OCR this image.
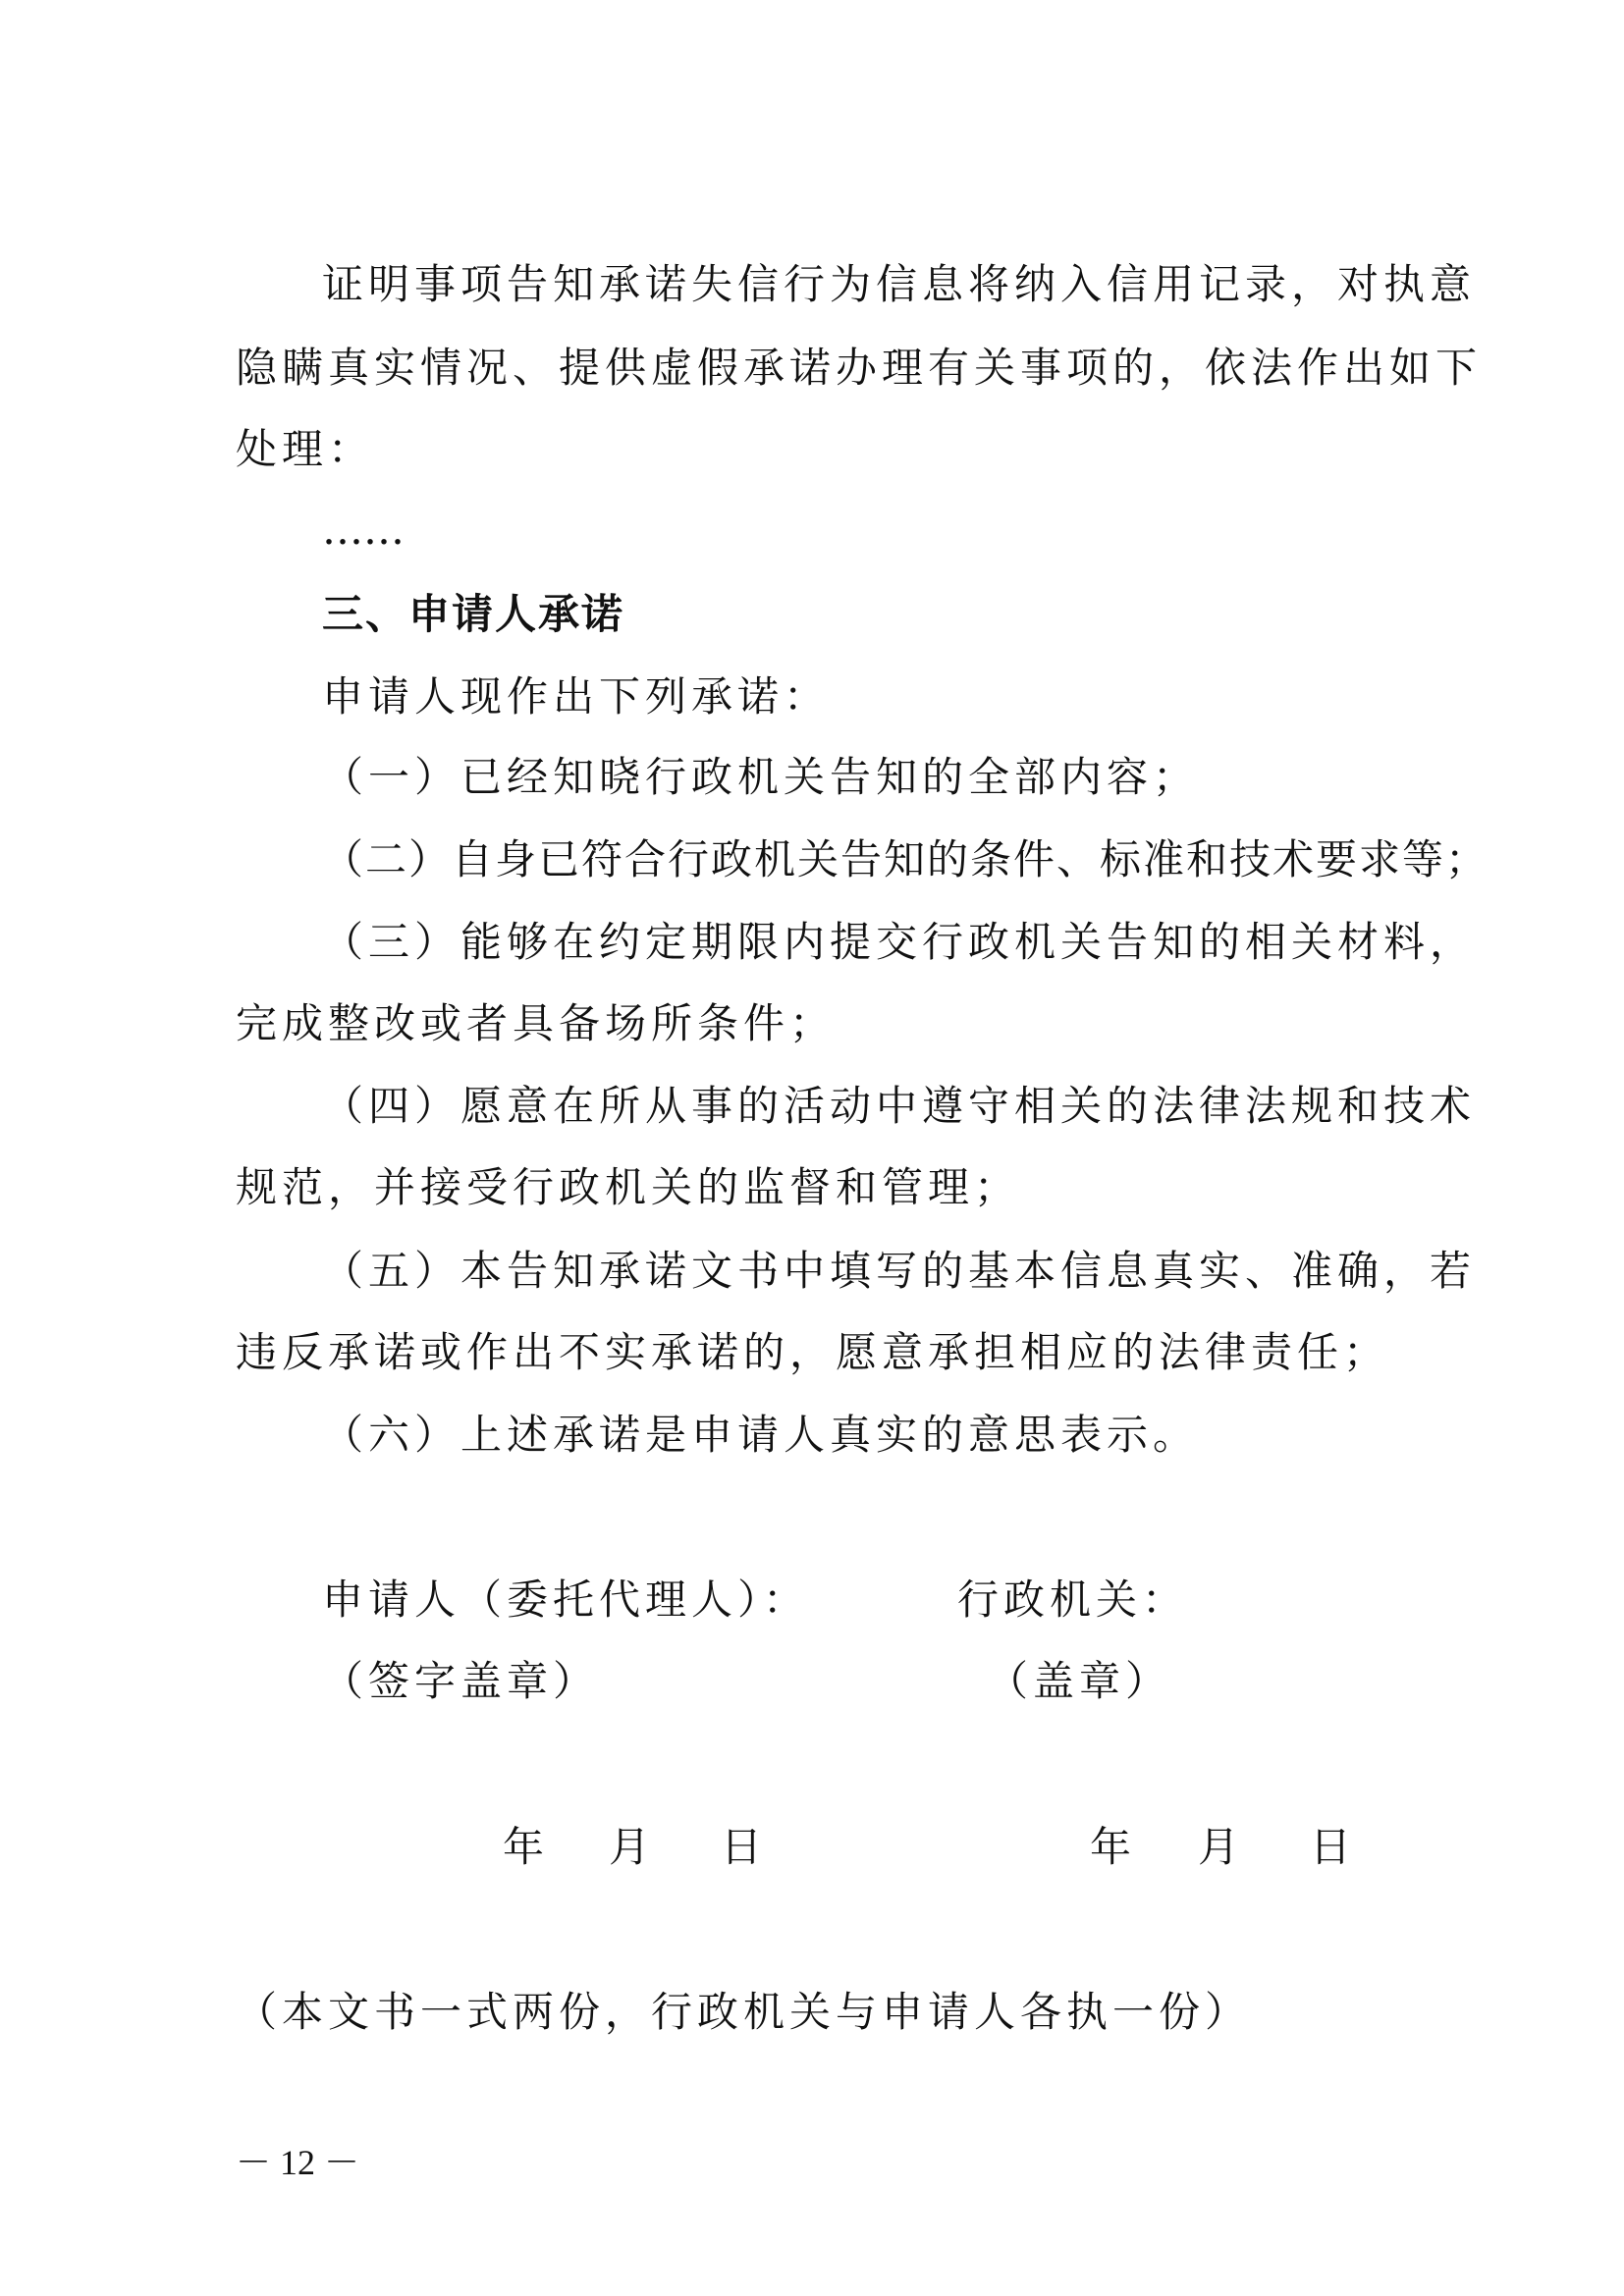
证明事项告知承诺失信行为信息将纳入信用记录，对执意
隐瞒真实情况、提供虚假承诺办理有关事项的，依法作出如下
处理：
……
三、申请人承诺
申请人现作出下列承诺：
（一）已经知晓行政机关告知的全部内容；
（二）自身已符合行政机关告知的条件、标准和技术要求等；
（三）能够在约定期限内提交行政机关告知的相关材料，
完成整改或者具备场所条件；
（四）愿意在所从事的活动中遵守相关的法律法规和技术
规范，并接受行政机关的监督和管理；
（五）本告知承诺文书中填写的基本信息真实、准确，若
违反承诺或作出不实承诺的，愿意承担相应的法律责任；
（六）上述承诺是申请人真实的意思表示。
申请人（委托代理人）：	行政机关：
（签字盖章）	（盖章）
年 月 日	年 月 日
（本文书一式两份，行政机关与申请人各执一份）
－ 12 －
